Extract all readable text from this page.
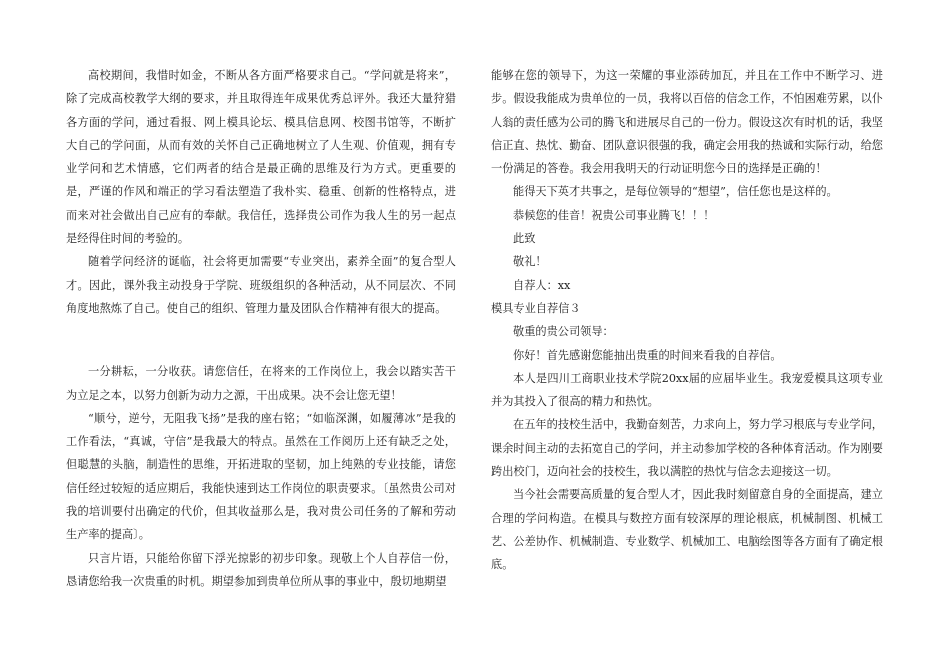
高校期间，我惜时如金，不断从各方面严格要求自己。“学问就是将来”，除了完成高校教学大纲的要求，并且取得连年成果优秀总评外。我还大量狩猎各方面的学问，通过看报、网上模具论坛、模具信息网、校图书馆等，不断扩大自己的学问面，从而有效的关怀自己正确地树立了人生观、价值观，拥有专业学问和艺术情感，它们两者的结合是最正确的思维及行为方式。更重要的是，严谨的作风和端正的学习看法塑造了我朴实、稳重、创新的性格特点，进而来对社会做出自己应有的奉献。我信任，选择贵公司作为我人生的另一起点是经得住时间的考验的。

随着学问经济的诞临，社会将更加需要“专业突出，素养全面”的复合型人才。因此，课外我主动投身于学院、班级组织的各种活动，从不同层次、不同角度地熬炼了自己。使自己的组织、管理力量及团队合作精神有很大的提高。

一分耕耘，一分收获。请您信任，在将来的工作岗位上，我会以踏实苦干为立足之本，以努力创新为动力之源，干出成果。决不会让您无望！

“顺兮，逆兮，无阻我飞扬”是我的座右铭；“如临深渊，如履薄冰”是我的工作看法，“真诚，守信”是我最大的特点。虽然在工作阅历上还有缺乏之处，但聪慧的头脑，制造性的思维，开拓进取的坚韧，加上纯熟的专业技能，请您信任经过较短的适应期后，我能快速到达工作岗位的职责要求。〔虽然贵公司对我的培训要付出确定的代价，但其收益那么是，我对贵公司任务的了解和劳动生产率的提高〕。

只言片语，只能给你留下浮光掠影的初步印象。现敬上个人自荐信一份，恳请您给我一次贵重的时机。期望参加到贵单位所从事的事业中，殷切地期望

能够在您的领导下，为这一荣耀的事业添砖加瓦，并且在工作中不断学习、进步。假设我能成为贵单位的一员，我将以百倍的信念工作，不怕困难劳累，以仆人翁的责任感为公司的腾飞和进展尽自己的一份力。假设这次有时机的话，我坚信正直、热忱、勤奋、团队意识很强的我，确定会用我的热诚和实际行动，给您一份满足的答卷。我会用我明天的行动证明您今日的选择是正确的！

能得天下英才共事之，是每位领导的“想望”，信任您也是这样的。

恭候您的佳音！祝贵公司事业腾飞！！！

此致

敬礼！

自荐人：xx

模具专业自荐信３

敬重的贵公司领导：

你好！首先感谢您能抽出贵重的时间来看我的自荐信。

本人是四川工商职业技术学院20xx届的应届毕业生。我宠爱模具这项专业并为其投入了很高的精力和热忱。

在五年的技校生活中，我勤奋刻苦，力求向上，努力学习根底与专业学问，课余时间主动的去拓宽自己的学问，并主动参加学校的各种体育活动。作为刚要跨出校门，迈向社会的技校生，我以满腔的热忱与信念去迎接这一切。

当今社会需要高质量的复合型人才，因此我时刻留意自身的全面提高，建立合理的学问构造。在模具与数控方面有较深厚的理论根底，机械制图、机械工艺、公差协作、机械制造、专业数学、机械加工、电脑绘图等各方面有了确定根底。
